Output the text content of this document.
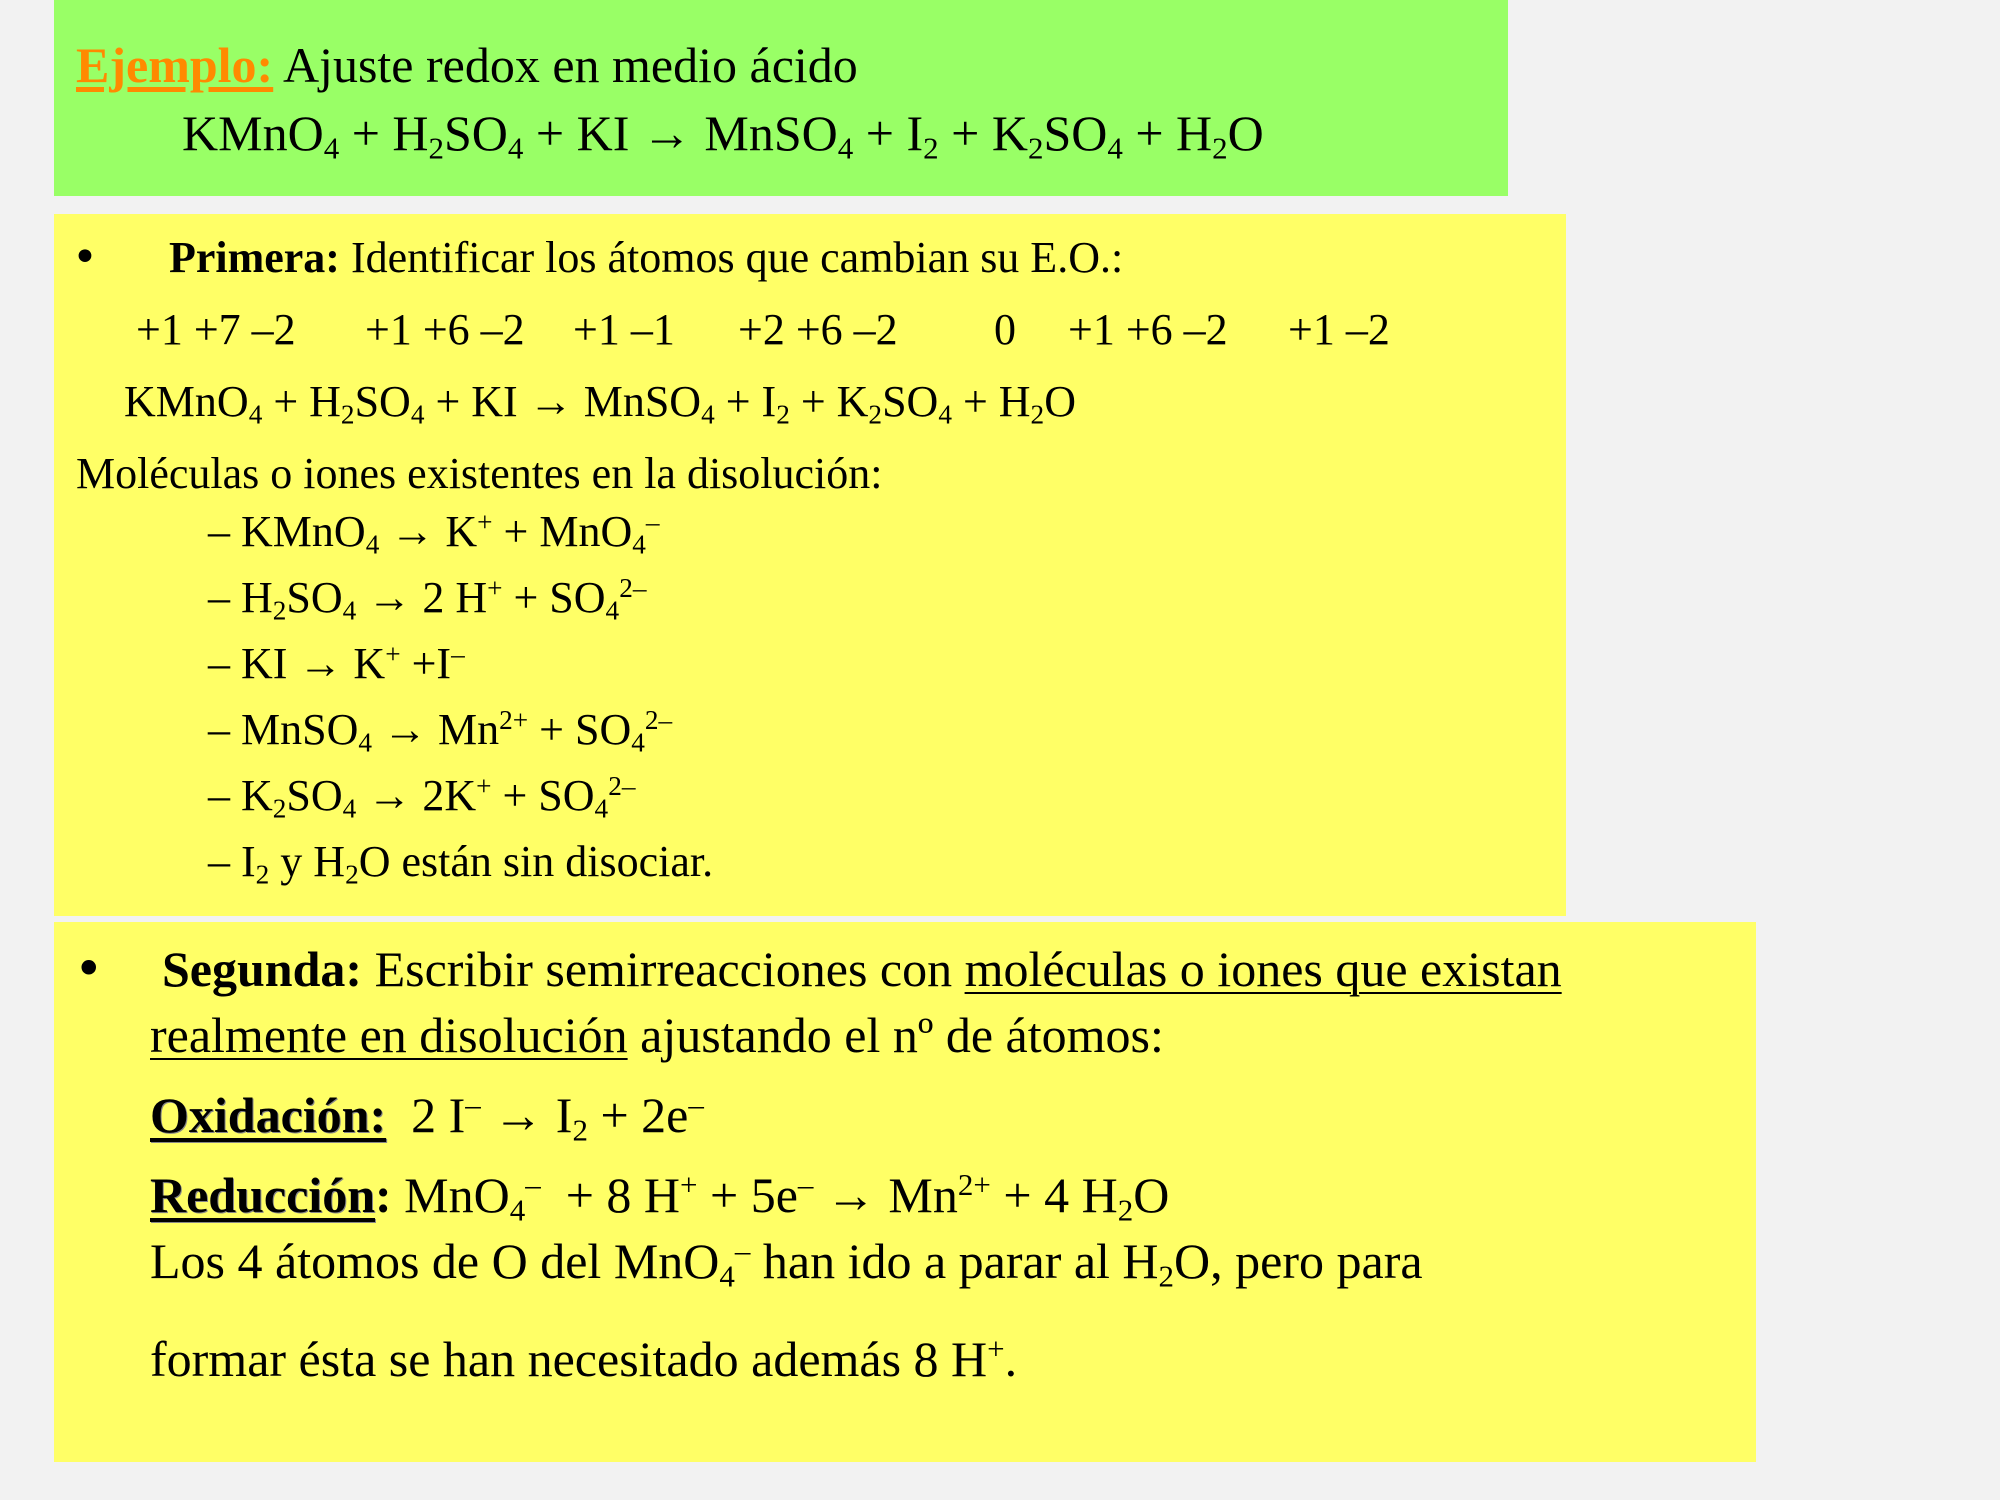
Ejemplo: Ajuste redox en medio ácido
KMnO$_4$ + $H_2SO_4$ + KI → MnSO$_4$ + $I_2 + K_2SO_4 + H_2O$
• Primera: Identificar los átomos que cambian su E.O.:
+1 +7 –2 +1 +6 –2 +1 –1 +2 +6 –2 0 +1 +6 –2 +1 –2
KMnO$_4$ + $H_2SO_4$ + KI → MnSO$_4$ + $I_2 + K_2SO_4 + H_2O$
Moléculas o iones existentes en la disolución:
– KMnO$_4$ → K+ + MnO$_4$–
– $H_2SO_4 \to 2$ $H^+ + SO_4^{2-}$
– KI → K+ +I–
– MnSO$_4$ → $Mn^{2+} + SO_4^{2-}$
– $K_2SO_4 \to 2K^+ + SO_4^{2-}$
– $I_2$ y $H_2O$ están sin disociar.
• Segunda: Escribir semirreacciones con moléculas o iones que existan
realmente en disolución ajustando el nº de átomos:
Oxidación:  2 $I^- \to I_2 + 2e^-$
Reducción: MnO$_4$–  + 8 $H^+ + 5e^- \to Mn^{2+} + 4$ $H_2O$
Los 4 átomos de O del MnO$_4$– han ido a parar al $H_2O$, pero para
formar ésta se han necesitado además 8 H+.
